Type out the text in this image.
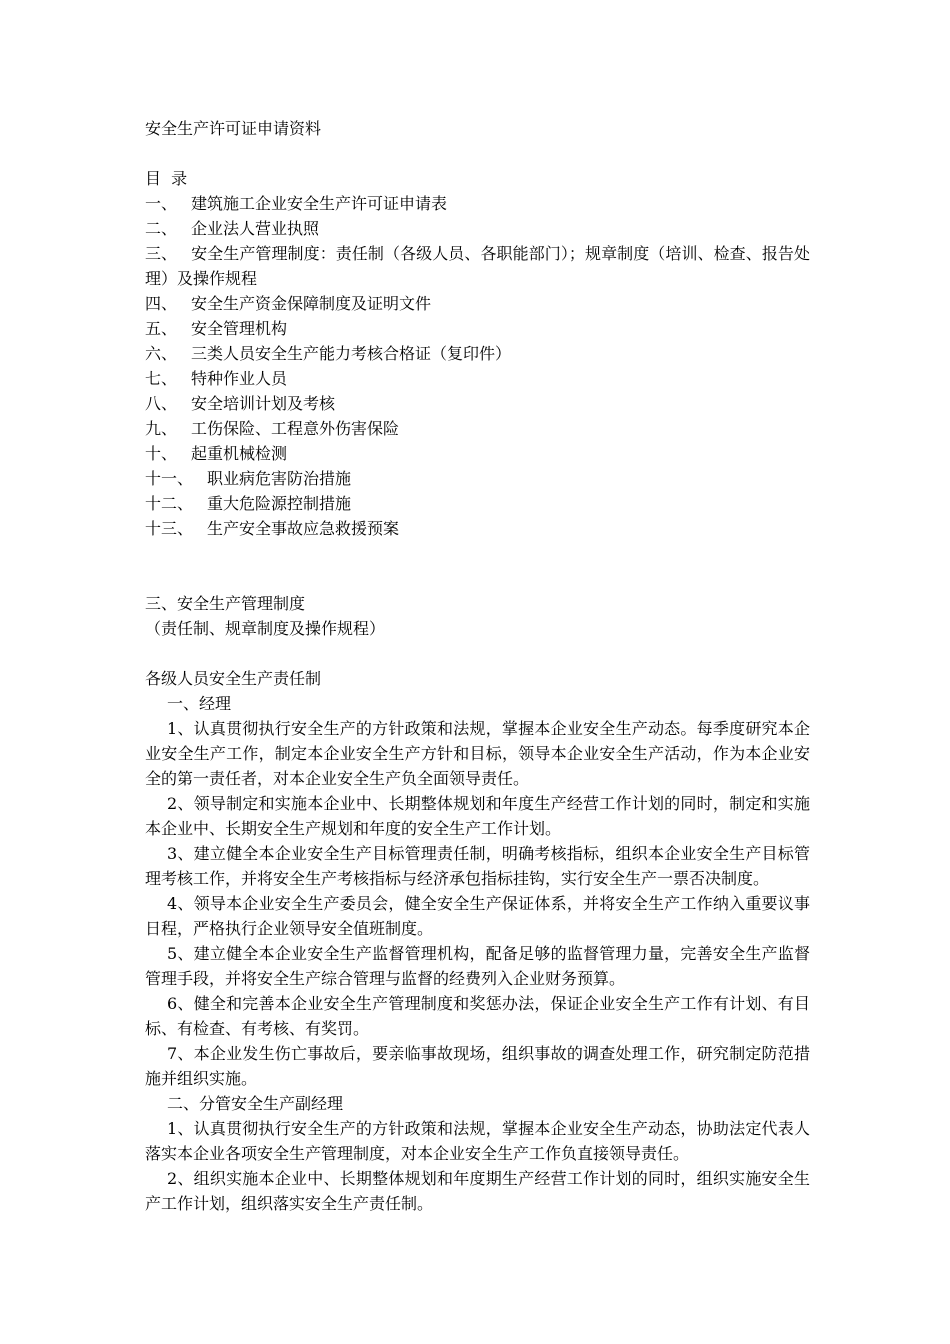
安全生产许可证申请资料
目  录
一、 建筑施工企业安全生产许可证申请表
二、 企业法人营业执照
三、 安全生产管理制度：责任制（各级人员、各职能部门）；规章制度（培训、检查、报告处理）及操作规程
四、 安全生产资金保障制度及证明文件
五、 安全管理机构
六、 三类人员安全生产能力考核合格证（复印件）
七、 特种作业人员
八、 安全培训计划及考核
九、 工伤保险、工程意外伤害保险
十、 起重机械检测
十一、 职业病危害防治措施
十二、 重大危险源控制措施
十三、 生产安全事故应急救援预案
三、安全生产管理制度
（责任制、规章制度及操作规程）
各级人员安全生产责任制
一、经理

1、认真贯彻执行安全生产的方针政策和法规，掌握本企业安全生产动态。每季度研究本企业安全生产工作，制定本企业安全生产方针和目标，领导本企业安全生产活动，作为本企业安全的第一责任者，对本企业安全生产负全面领导责任。

2、领导制定和实施本企业中、长期整体规划和年度生产经营工作计划的同时，制定和实施本企业中、长期安全生产规划和年度的安全生产工作计划。

3、建立健全本企业安全生产目标管理责任制，明确考核指标，组织本企业安全生产目标管理考核工作，并将安全生产考核指标与经济承包指标挂钩，实行安全生产一票否决制度。

4、领导本企业安全生产委员会，健全安全生产保证体系，并将安全生产工作纳入重要议事日程，严格执行企业领导安全值班制度。

5、建立健全本企业安全生产监督管理机构，配备足够的监督管理力量，完善安全生产监督管理手段，并将安全生产综合管理与监督的经费列入企业财务预算。

6、健全和完善本企业安全生产管理制度和奖惩办法，保证企业安全生产工作有计划、有目标、有检查、有考核、有奖罚。

7、本企业发生伤亡事故后，要亲临事故现场，组织事故的调查处理工作，研究制定防范措施并组织实施。

二、分管安全生产副经理

1、认真贯彻执行安全生产的方针政策和法规，掌握本企业安全生产动态，协助法定代表人落实本企业各项安全生产管理制度，对本企业安全生产工作负直接领导责任。

2、组织实施本企业中、长期整体规划和年度期生产经营工作计划的同时，组织实施安全生产工作计划，组织落实安全生产责任制。
